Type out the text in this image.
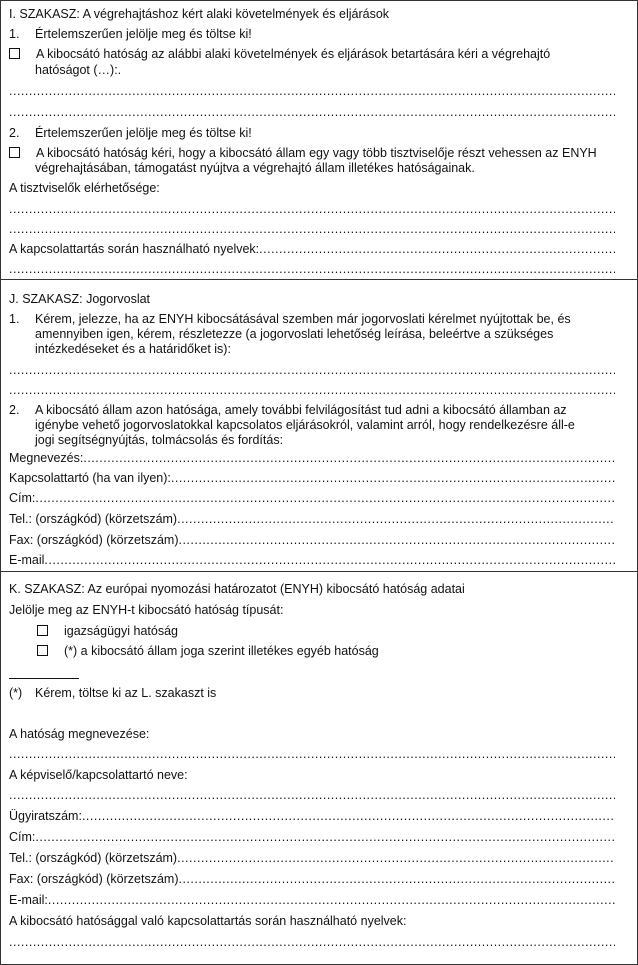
I. SZAKASZ: A végrehajtáshoz kért alaki követelmények és eljárások
1. Értelemszerűen jelölje meg és töltse ki!
A kibocsátó hatóság az alábbi alaki követelmények és eljárások betartására kéri a végrehajtó
hatóságot (…):.
.....
.....
2. Értelemszerűen jelölje meg és töltse ki!
A kibocsátó hatóság kéri, hogy a kibocsátó állam egy vagy több tisztviselője részt vehessen az ENYH
végrehajtásában, támogatást nyújtva a végrehajtó állam illetékes hatóságainak.
A tisztviselők elérhetősége:
.....
.....
A kapcsolattartás során használható nyelvek:
.....
.....
J. SZAKASZ: Jogorvoslat
1. Kérem, jelezze, ha az ENYH kibocsátásával szemben már jogorvoslati kérelmet nyújtottak be, és
amennyiben igen, kérem, részletezze (a jogorvoslati lehetőség leírása, beleértve a szükséges
intézkedéseket és a határidőket is):
.....
.....
2. A kibocsátó állam azon hatósága, amely további felvilágosítást tud adni a kibocsátó államban az
igénybe vehető jogorvoslatokkal kapcsolatos eljárásokról, valamint arról, hogy rendelkezésre áll-e
jogi segítségnyújtás, tolmácsolás és fordítás:
Megnevezés:
.....
Kapcsolattartó (ha van ilyen):
.....
Cím:
.....
Tel.: (országkód) (körzetszám)
.....
Fax: (országkód) (körzetszám)
.....
E-mail
.....
K. SZAKASZ: Az európai nyomozási határozatot (ENYH) kibocsátó hatóság adatai
Jelölje meg az ENYH-t kibocsátó hatóság típusát:
igazságügyi hatóság
(*) a kibocsátó állam joga szerint illetékes egyéb hatóság
(*) Kérem, töltse ki az L. szakaszt is
A hatóság megnevezése:
.....
A képviselő/kapcsolattartó neve:
.....
Ügyiratszám:
.....
Cím:
.....
Tel.: (országkód) (körzetszám)
.....
Fax: (országkód) (körzetszám)
.....
E-mail:
.....
A kibocsátó hatósággal való kapcsolattartás során használható nyelvek:
.....
